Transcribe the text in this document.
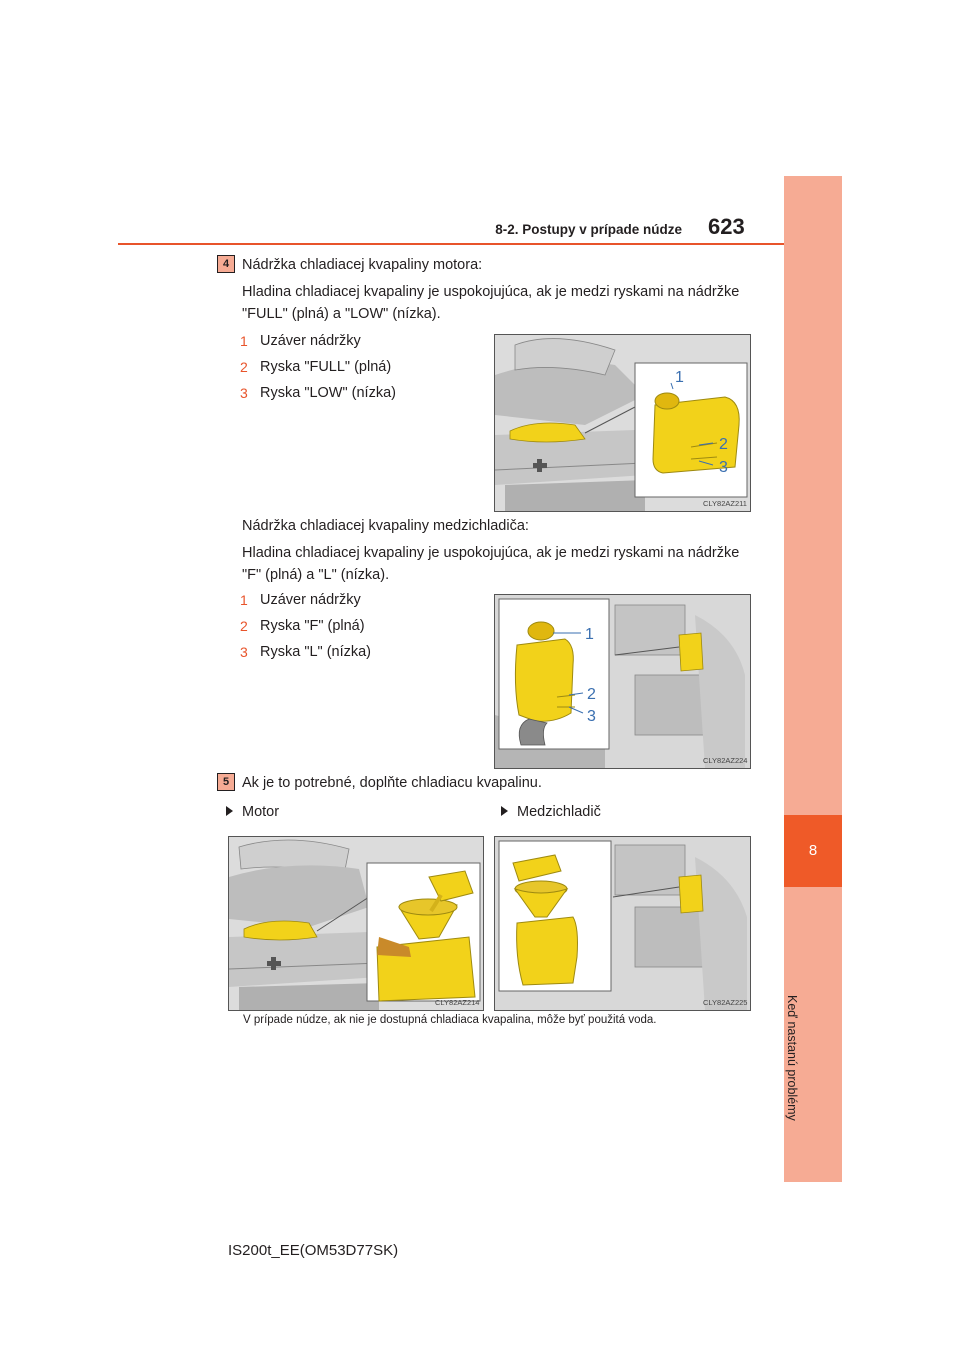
8-2. Postupy v prípade núdze 623
8
Keď nastanú problémy
4 Nádržka chladiacej kvapaliny motora:
Hladina chladiacej kvapaliny je uspokojujúca, ak je medzi ryskami na nádržke
"FULL" (plná) a "LOW" (nízka).
1 Uzáver nádržky
2 Ryska "FULL" (plná)
3 Ryska "LOW" (nízka)
1
2
3
CLY82AZ211
Nádržka chladiacej kvapaliny medzichladiča:
Hladina chladiacej kvapaliny je uspokojujúca, ak je medzi ryskami na nádržke
"F" (plná) a "L" (nízka).
1 Uzáver nádržky
2 Ryska "F" (plná)
3 Ryska "L" (nízka)
1
2
3
CLY82AZ224
5 Ak je to potrebné, doplňte chladiacu kvapalinu.
Motor	Medzichladič
CLY82AZ214	CLY82AZ225
V prípade núdze, ak nie je dostupná chladiaca kvapalina, môže byť použitá voda.
IS200t_EE(OM53D77SK)
